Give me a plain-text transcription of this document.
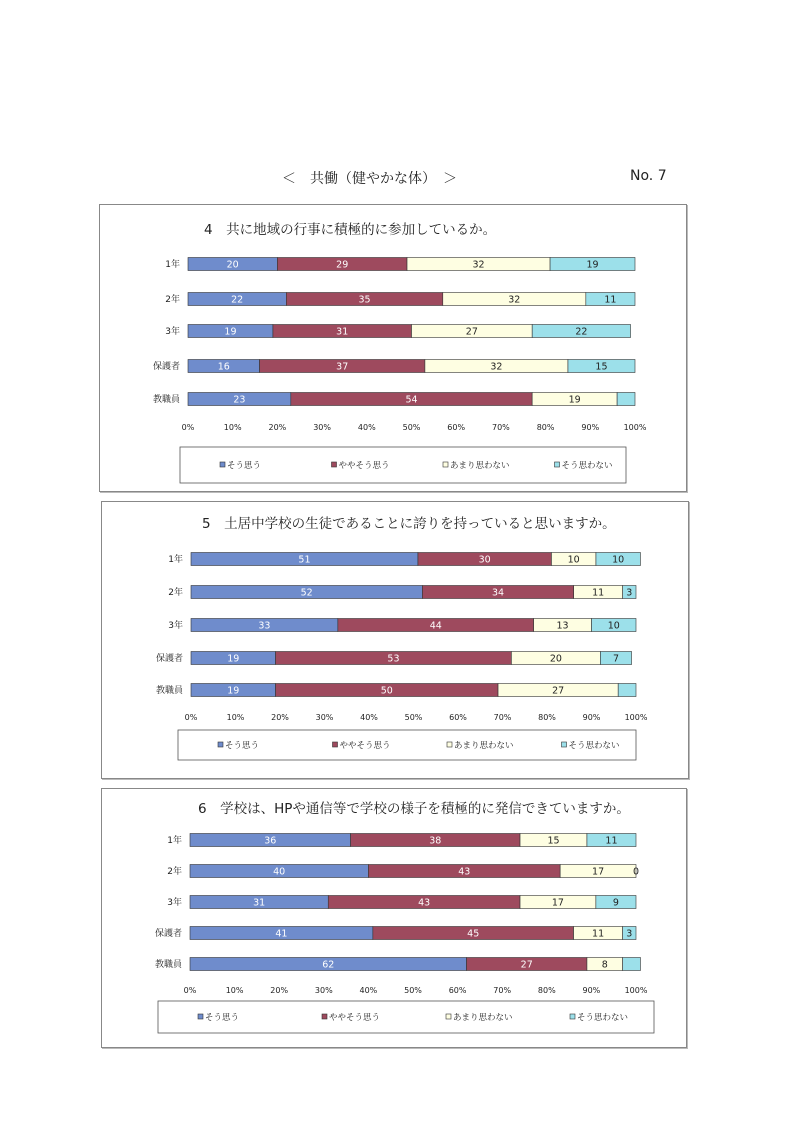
＜　共働（健やかな体）　＞	No. 7
4　共に地域の行事に積極的に参加しているか。
1年	20	29	32	19
2年	22	35	32	11
3年	19	31	27	22
保護者	16	37	32	15
教職員	23	54	19
0%	10%	20%	30%	40%	50%	60%	70%	80%	90%	100%
そう思う	ややそう思う	あまり思わない	そう思わない
5　土居中学校の生徒であることに誇りを持っていると思いますか。
1年	51	30	10	10
2年	52	34	11 3
3年	33	44	13	10
保護者	19	53	20	7
教職員	19	50	27
0%	10%	20%	30%	40%	50%	60%	70%	80%	90%	100%
そう思う	ややそう思う	あまり思わない	そう思わない
6　学校は、HPや通信等で学校の様子を積極的に発信できていますか。
1年	36	38	15	11
2年	40	43	17	0
3年	31	43	17	9
保護者	41	45	11 3
教職員	62	27	8
0%	10%	20%	30%	40%	50%	60%	70%	80%	90%	100%
そう思う	ややそう思う	あまり思わない	そう思わない
